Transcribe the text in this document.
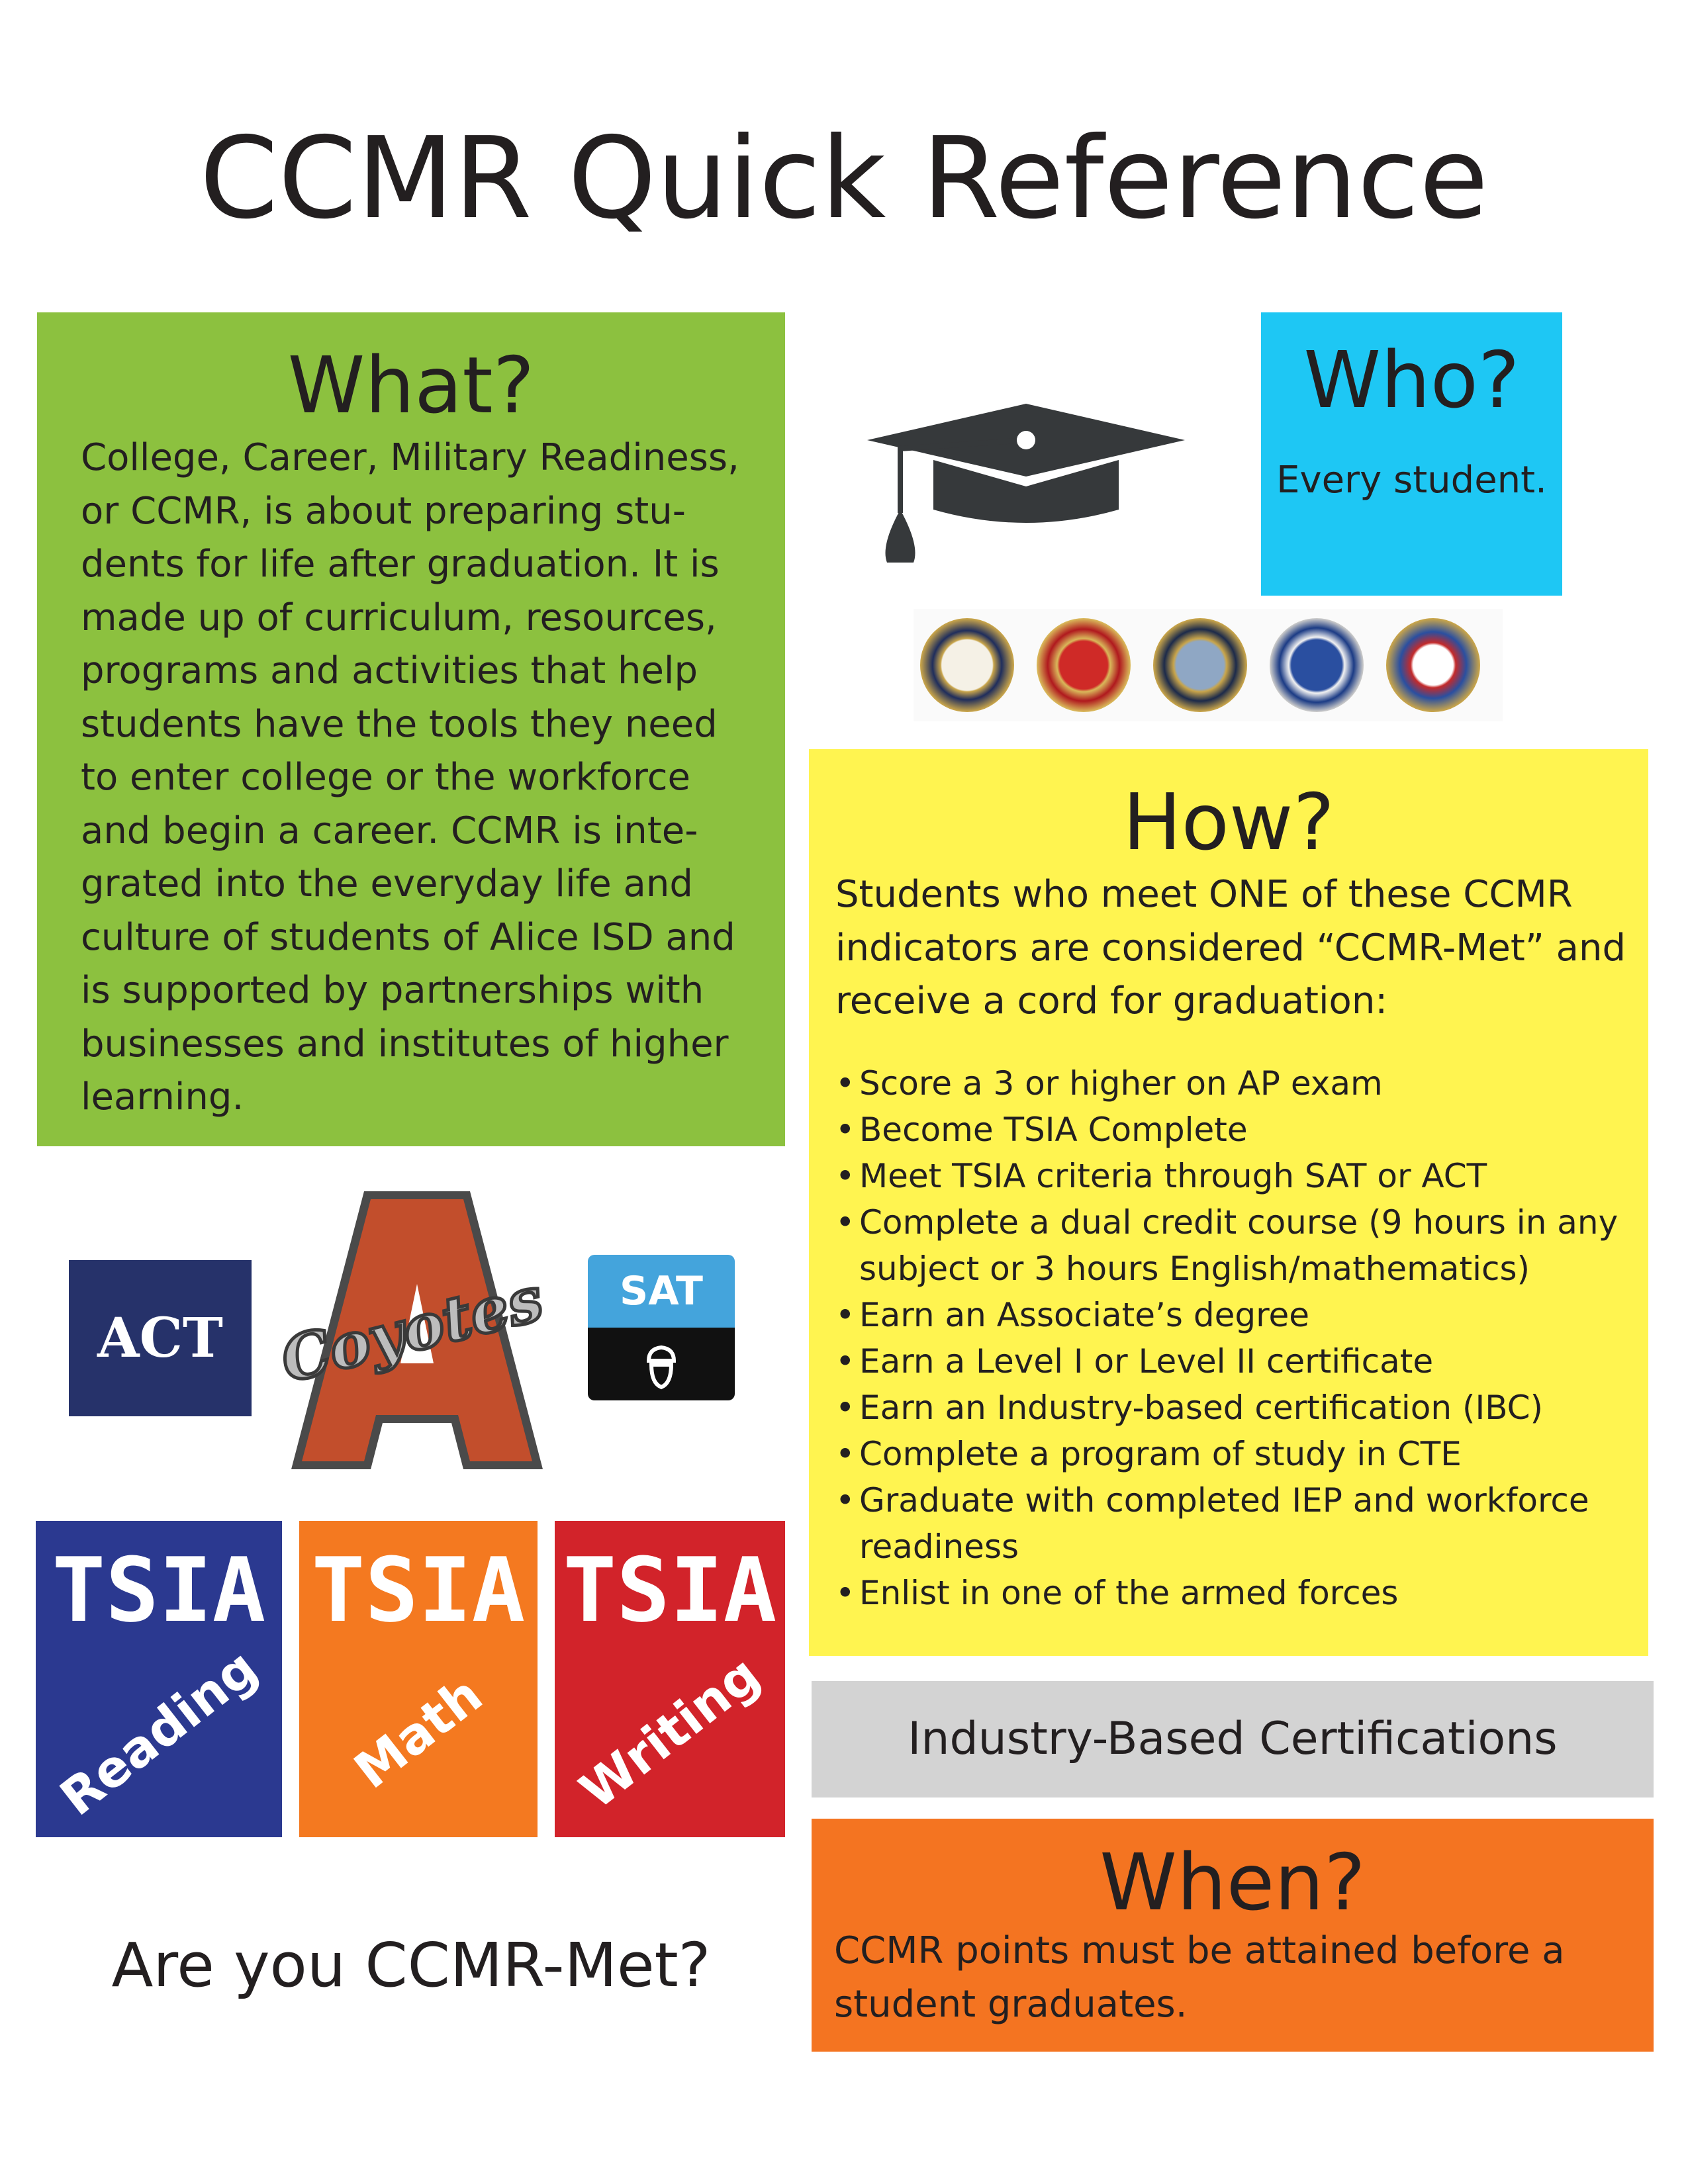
CCMR Quick Reference
What?
College, Career, Military Readiness, or CCMR, is about preparing stu- dents for life after graduation. It is made up of curriculum, resources, programs and activities that help students have the tools they need to enter college or the workforce and begin a career. CCMR is inte- grated into the everyday life and culture of students of Alice ISD and is supported by partnerships with businesses and institutes of higher learning.
Who?
Every student.
How?
Students who meet ONE of these CCMR indicators are considered “CCMR-Met” and receive a cord for graduation:
• Score a 3 or higher on AP exam
• Become TSIA Complete
• Meet TSIA criteria through SAT or ACT
• Complete a dual credit course (9 hours in any subject or 3 hours English/mathematics)
• Earn an Associate’s degree
• Earn a Level I or Level II certificate
• Earn an Industry-based certification (IBC)
• Complete a program of study in CTE
• Graduate with completed IEP and workforce readiness
• Enlist in one of the armed forces
ACT Coyotes	SAT
TSIA
Reading
TSIA
Math
TSIA
Writing	Industry-Based Certifications
When?
CCMR points must be attained before a student graduates.
Are you CCMR-Met?
